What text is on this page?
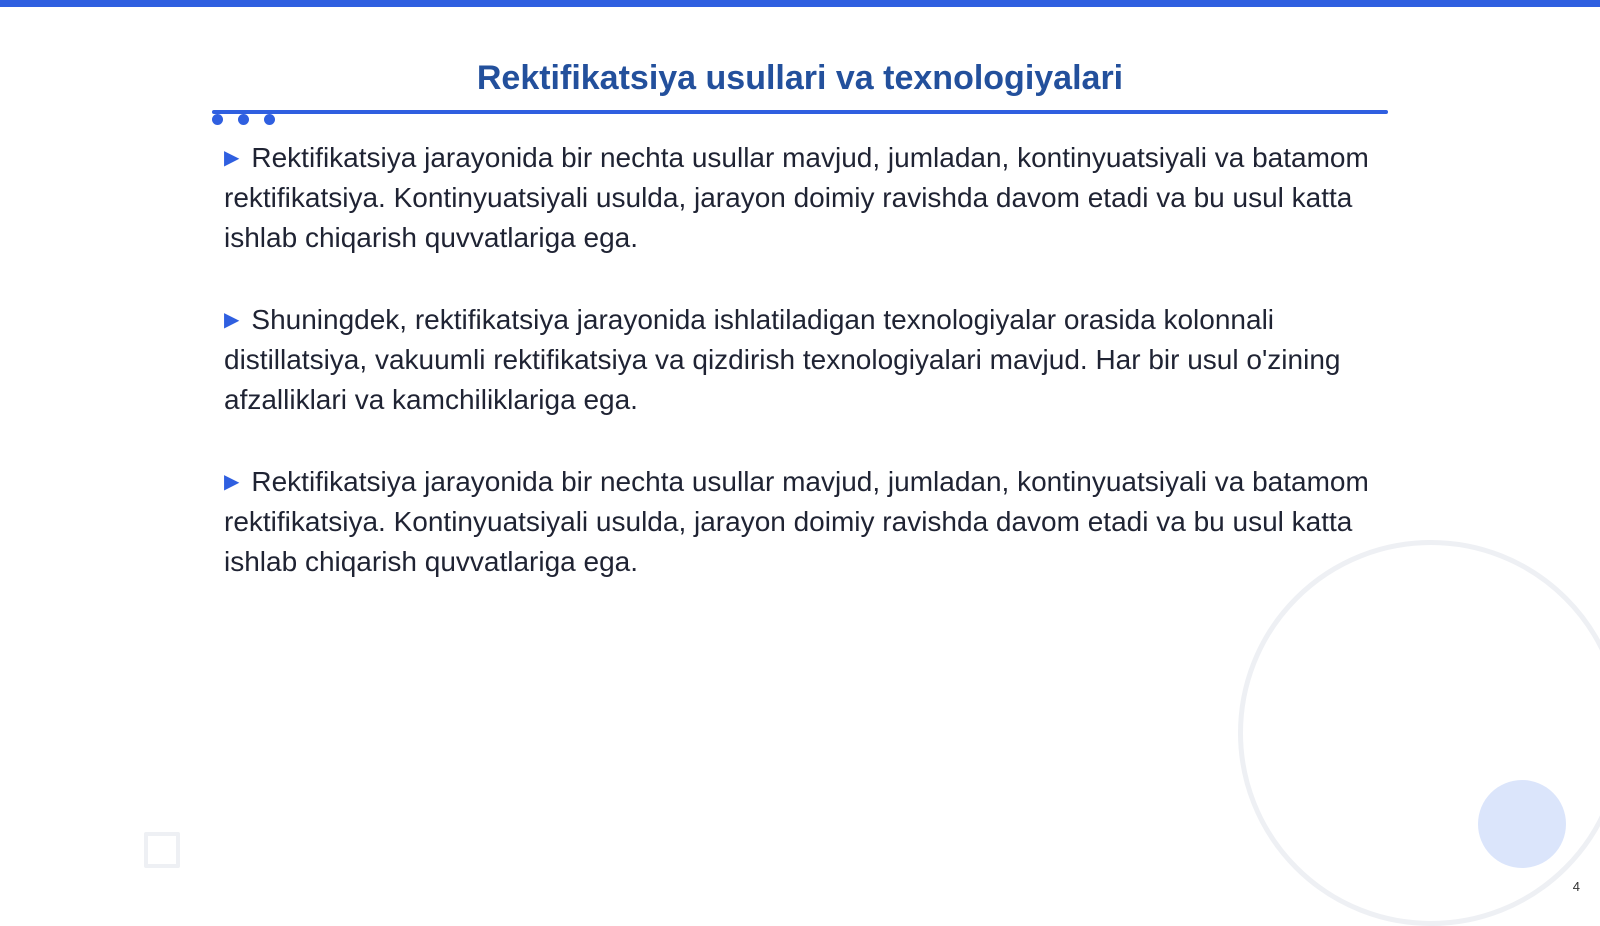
Rektifikatsiya usullari va texnologiyalari

▶ Rektifikatsiya jarayonida bir nechta usullar mavjud, jumladan, kontinyuatsiyali va batamom rektifikatsiya. Kontinyuatsiyali usulda, jarayon doimiy ravishda davom etadi va bu usul katta ishlab chiqarish quvvatlariga ega.

▶ Shuningdek, rektifikatsiya jarayonida ishlatiladigan texnologiyalar orasida kolonnali distillatsiya, vakuumli rektifikatsiya va qizdirish texnologiyalari mavjud. Har bir usul o'zining afzalliklari va kamchiliklariga ega.

▶ Rektifikatsiya jarayonida bir nechta usullar mavjud, jumladan, kontinyuatsiyali va batamom rektifikatsiya. Kontinyuatsiyali usulda, jarayon doimiy ravishda davom etadi va bu usul katta ishlab chiqarish quvvatlariga ega.

4
